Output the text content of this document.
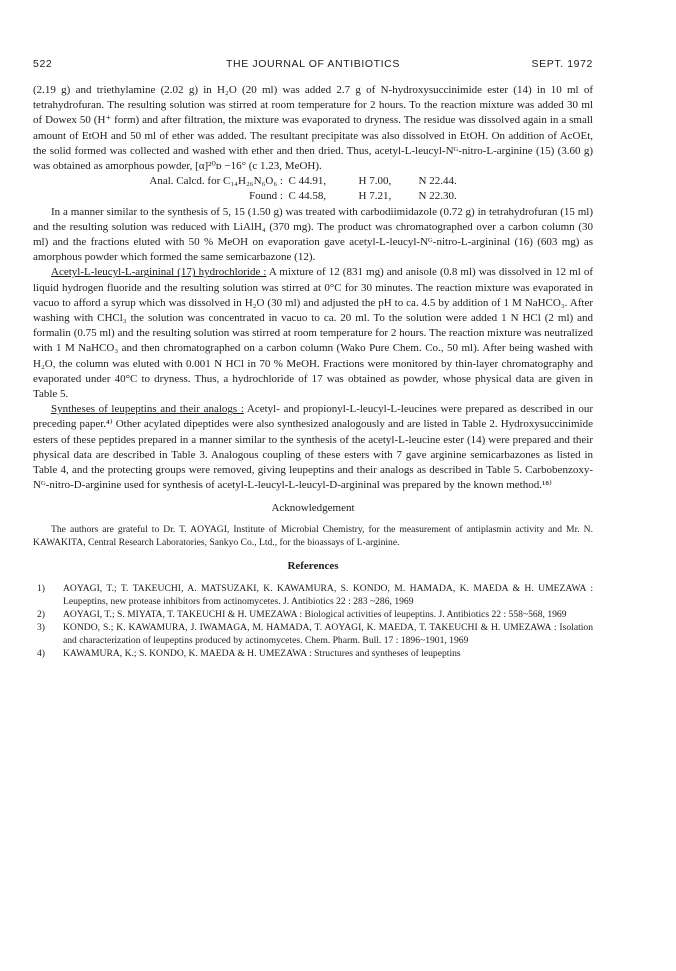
522	THE JOURNAL OF ANTIBIOTICS	SEPT. 1972

(2.19 g) and triethylamine (2.02 g) in H₂O (20 ml) was added 2.7 g of N-hydroxysuccinimide ester (14) in 10 ml of tetrahydrofuran. The resulting solution was stirred at room temperature for 2 hours. To the reaction mixture was added 30 ml of Dowex 50 (H⁺ form) and after filtration, the mixture was evaporated to dryness. The residue was dissolved again in a small amount of EtOH and 50 ml of ether was added. The resultant precipitate was also dissolved in EtOH. On addition of AcOEt, the solid formed was collected and washed with ether and then dried. Thus, acetyl-L-leucyl-Nᴳ-nitro-L-arginine (15) (3.60 g) was obtained as amorphous powder, [α]²⁰ᴅ −16° (c 1.23, MeOH).

Anal. Calcd. for C₁₄H₂₆N₆O₆ : C 44.91,	H 7.00, N 22.44.
Found : C 44.58,	H 7.21, N 22.30.

In a manner similar to the synthesis of 5, 15 (1.50 g) was treated with carbodiimidazole (0.72 g) in tetrahydrofuran (15 ml) and the resulting solution was reduced with LiAlH₄ (370 mg). The product was chromatographed over a carbon column (30 ml) and the fractions eluted with 50 % MeOH on evaporation gave acetyl-L-leucyl-Nᴳ-nitro-L-argininal (16) (603 mg) as amorphous powder which formed the same semicarbazone (12).

Acetyl-L-leucyl-L-argininal (17) hydrochloride : A mixture of 12 (831 mg) and anisole (0.8 ml) was dissolved in 12 ml of liquid hydrogen fluoride and the resulting solution was stirred at 0°C for 30 minutes. The reaction mixture was evaporated in vacuo to afford a syrup which was dissolved in H₂O (30 ml) and adjusted the pH to ca. 4.5 by addition of 1 M NaHCO₃. After washing with CHCl₃ the solution was concentrated in vacuo to ca. 20 ml. To the solution were added 1 N HCl (2 ml) and formalin (0.75 ml) and the resulting solution was stirred at room temperature for 2 hours. The reaction mixture was neutralized with 1 M NaHCO₃ and then chromatographed on a carbon column (Wako Pure Chem. Co., 50 ml). After being washed with H₂O, the column was eluted with 0.001 N HCl in 70 % MeOH. Fractions were monitored by thin-layer chromatography and evaporated under 40°C to dryness. Thus, a hydrochloride of 17 was obtained as powder, whose physical data are given in Table 5.

Syntheses of leupeptins and their analogs : Acetyl- and propionyl-L-leucyl-L-leucines were prepared as described in our preceding paper.⁴⁾ Other acylated dipeptides were also synthesized analogously and are listed in Table 2. Hydroxysuccinimide esters of these peptides prepared in a manner similar to the synthesis of the acetyl-L-leucine ester (14) were prepared and their physical data are described in Table 3. Analogous coupling of these esters with 7 gave arginine semicarbazones as listed in Table 4, and the protecting groups were removed, giving leupeptins and their analogs as described in Table 5. Carbobenzoxy-Nᴳ-nitro-D-arginine used for synthesis of acetyl-L-leucyl-L-leucyl-D-argininal was prepared by the known method.¹⁸⁾

Acknowledgement

The authors are grateful to Dr. T. AOYAGI, Institute of Microbial Chemistry, for the measurement of antiplasmin activity and Mr. N. KAWAKITA, Central Research Laboratories, Sankyo Co., Ltd., for the bioassays of L-arginine.

References
1) AOYAGI, T.; T. TAKEUCHI, A. MATSUZAKI, K. KAWAMURA, S. KONDO, M. HAMADA, K. MAEDA & H. UMEZAWA : Leupeptins, new protease inhibitors from actinomycetes. J. Antibiotics 22 : 283 ~286, 1969
2) AOYAGI, T.; S. MIYATA, T. TAKEUCHI & H. UMEZAWA : Biological activities of leupeptins. J. Antibiotics 22 : 558~568, 1969
3) KONDO, S.; K. KAWAMURA, J. IWAMAGA, M. HAMADA, T. AOYAGI, K. MAEDA, T. TAKEUCHI & H. UMEZAWA : Isolation and characterization of leupeptins produced by actinomycetes. Chem. Pharm. Bull. 17 : 1896~1901, 1969
4) KAWAMURA, K.; S. KONDO, K. MAEDA & H. UMEZAWA : Structures and syntheses of leupeptins
